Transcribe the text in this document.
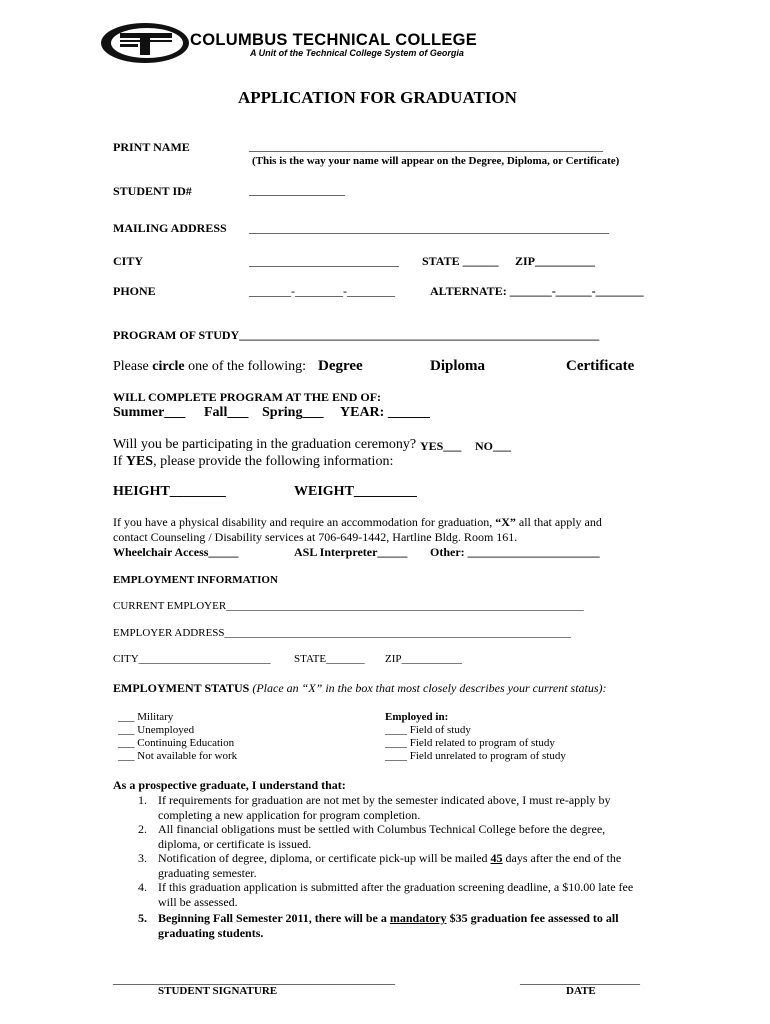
COLUMBUS TECHNICAL COLLEGE
A Unit of the Technical College System of Georgia
APPLICATION FOR GRADUATION
PRINT NAME	___________________________________________________________
(This is the way your name will appear on the Degree, Diploma, or Certificate)
STUDENT ID#	________________
MAILING ADDRESS ____________________________________________________________
CITY	_________________________ STATE ______ ZIP__________
PHONE	_______-________-________	ALTERNATE: _______-______-________
PROGRAM OF STUDY____________________________________________________________
Please circle one of the following: Degree	Diploma	Certificate
WILL COMPLETE PROGRAM AT THE END OF:
Summer___ Fall___ Spring___ YEAR: ______
Will you be participating in the graduation ceremony? YES___ NO___
If YES, please provide the following information:
HEIGHT________	WEIGHT_________
If you have a physical disability and require an accommodation for graduation, “X” all that apply and
contact Counseling / Disability services at 706-649-1442, Hartline Bldg. Room 161.
Wheelchair Access_____	ASL Interpreter_____ Other: ______________________
EMPLOYMENT INFORMATION
CURRENT EMPLOYER_________________________________________________________________
EMPLOYER ADDRESS_______________________________________________________________
CITY________________________ STATE_______ ZIP___________
EMPLOYMENT STATUS (Place an “X” in the box that most closely describes your current status):
___ Military
___ Unemployed
___ Continuing Education
___ Not available for work
Employed in:
____ Field of study
____ Field related to program of study
____ Field unrelated to program of study
As a prospective graduate, I understand that:
1. If requirements for graduation are not met by the semester indicated above, I must re-apply by
completing a new application for program completion.
2. All financial obligations must be settled with Columbus Technical College before the degree,
diploma, or certificate is issued.
3. Notification of degree, diploma, or certificate pick-up will be mailed 45 days after the end of the
graduating semester.
4. If this graduation application is submitted after the graduation screening deadline, a $10.00 late fee
will be assessed.
5. Beginning Fall Semester 2011, there will be a mandatory $35 graduation fee assessed to all
graduating students.
_______________________________________________
STUDENT SIGNATURE
____________________
DATE
